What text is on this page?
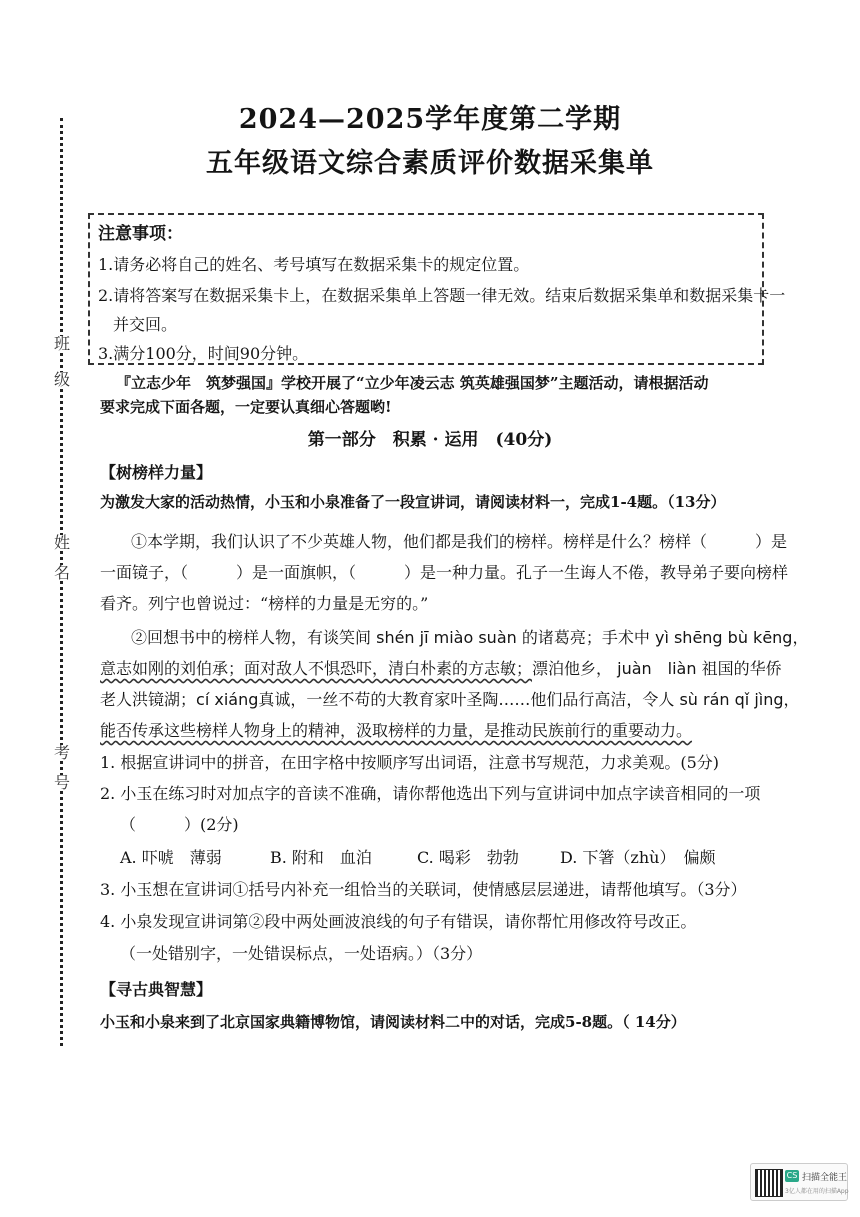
班
级
姓
名
考
号
2024—2025学年度第二学期
五年级语文综合素质评价数据采集单
注意事项：
1.请务必将自己的姓名、考号填写在数据采集卡的规定位置。
2.请将答案写在数据采集卡上，在数据采集单上答题一律无效。结束后数据采集单和数据采集卡一
并交回。
3.满分100分，时间90分钟。
『立志少年　筑梦强国』学校开展了“立少年凌云志 筑英雄强国梦”主题活动，请根据活动
要求完成下面各题，一定要认真细心答题哟!
第一部分　积累 · 运用　(40分)
【树榜样力量】
为激发大家的活动热情，小玉和小泉准备了一段宣讲词，请阅读材料一，完成1-4题。（13分）
①本学期，我们认识了不少英雄人物，他们都是我们的榜样。榜样是什么？榜样（	）是
一面镜子，（	）是一面旗帜，（	）是一种力量。孔子一生诲人不倦，教导弟子要向榜样
看齐。列宁也曾说过：“榜样的力量是无穷的。”
②回想书中的榜样人物，有谈笑间 shén jī miào suàn 的诸葛亮；手术中 yì shēng bù kēng，
意志如刚的刘伯承；面对敌人不惧恐吓，清白朴素的方志敏；漂泊他乡， juàn　liàn 祖国的华侨
老人洪镜湖；cí xiáng真诚，一丝不苟的大教育家叶圣陶……他们品行高洁，令人 sù rán qǐ jìng，
能否传承这些榜样人物身上的精神，汲取榜样的力量，是推动民族前行的重要动力。
1. 根据宣讲词中的拼音，在田字格中按顺序写出词语，注意书写规范，力求美观。(5分)
2. 小玉在练习时对加点字的音读不准确，请你帮他选出下列与宣讲词中加点字读音相同的一项
（　　　）(2分)
A. 吓唬　薄弱	B. 附和　血泊	C. 喝彩　勃勃	D. 下箸（zhù）　偏颇
3. 小玉想在宣讲词①括号内补充一组恰当的关联词，使情感层层递进，请帮他填写。（3分）
4. 小泉发现宣讲词第②段中两处画波浪线的句子有错误，请你帮忙用修改符号改正。
（一处错别字，一处错误标点，一处语病。）（3分）
【寻古典智慧】
小玉和小泉来到了北京国家典籍博物馆，请阅读材料二中的对话，完成5-8题。（ 14分）
CS 扫描全能王
3亿人都在用的扫描App
